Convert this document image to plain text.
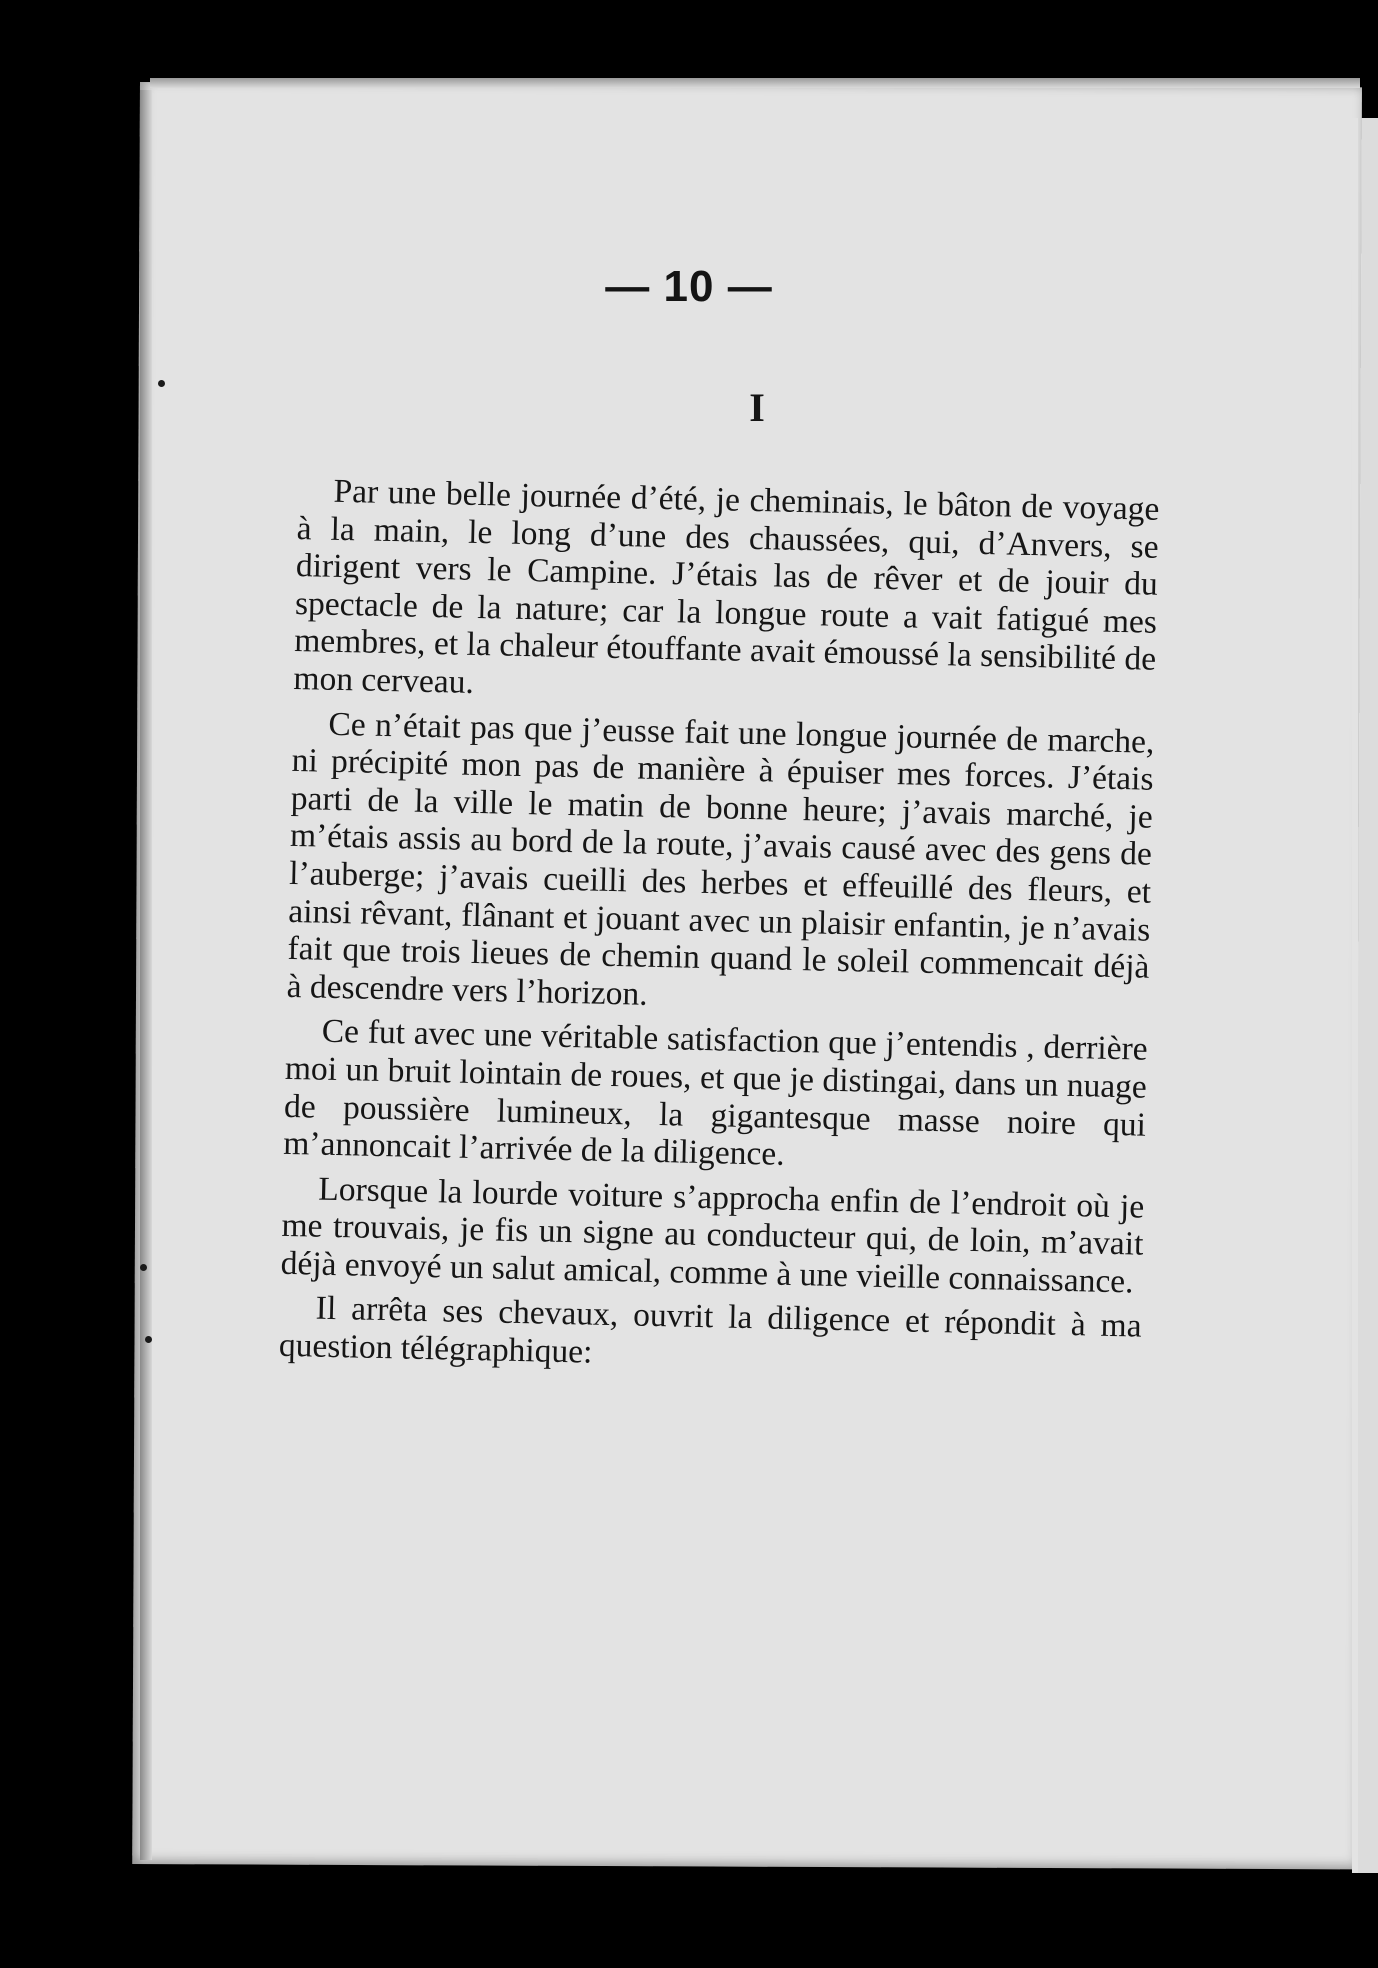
— 10 —
I

Par une belle journée d’été, je cheminais, le bâton de voyage à la main, le long d’une des chaussées, qui, d’Anvers, se dirigent vers le Campine. J’étais las de rêver et de jouir du spectacle de la nature; car la longue route a vait fatigué mes membres, et la chaleur étouffante avait émoussé la sensibilité de mon cerveau.

Ce n’était pas que j’eusse fait une longue journée de marche, ni précipité mon pas de manière à épuiser mes forces. J’étais parti de la ville le matin de bonne heure; j’avais marché, je m’étais assis au bord de la route, j’avais causé avec des gens de l’auberge; j’avais cueilli des herbes et effeuillé des fleurs, et ainsi rêvant, flânant et jouant avec un plaisir enfantin, je n’avais fait que trois lieues de chemin quand le soleil commencait déjà à descendre vers l’horizon.

Ce fut avec une véritable satisfaction que j’entendis , derrière moi un bruit lointain de roues, et que je distingai, dans un nuage de poussière lumineux, la gigantesque masse noire qui m’annoncait l’arrivée de la diligence.

Lorsque la lourde voiture s’approcha enfin de l’endroit où je me trouvais, je fis un signe au conducteur qui, de loin, m’avait déjà envoyé un salut amical, comme à une vieille connaissance.

Il arrêta ses chevaux, ouvrit la diligence et répondit à ma question télégraphique:
